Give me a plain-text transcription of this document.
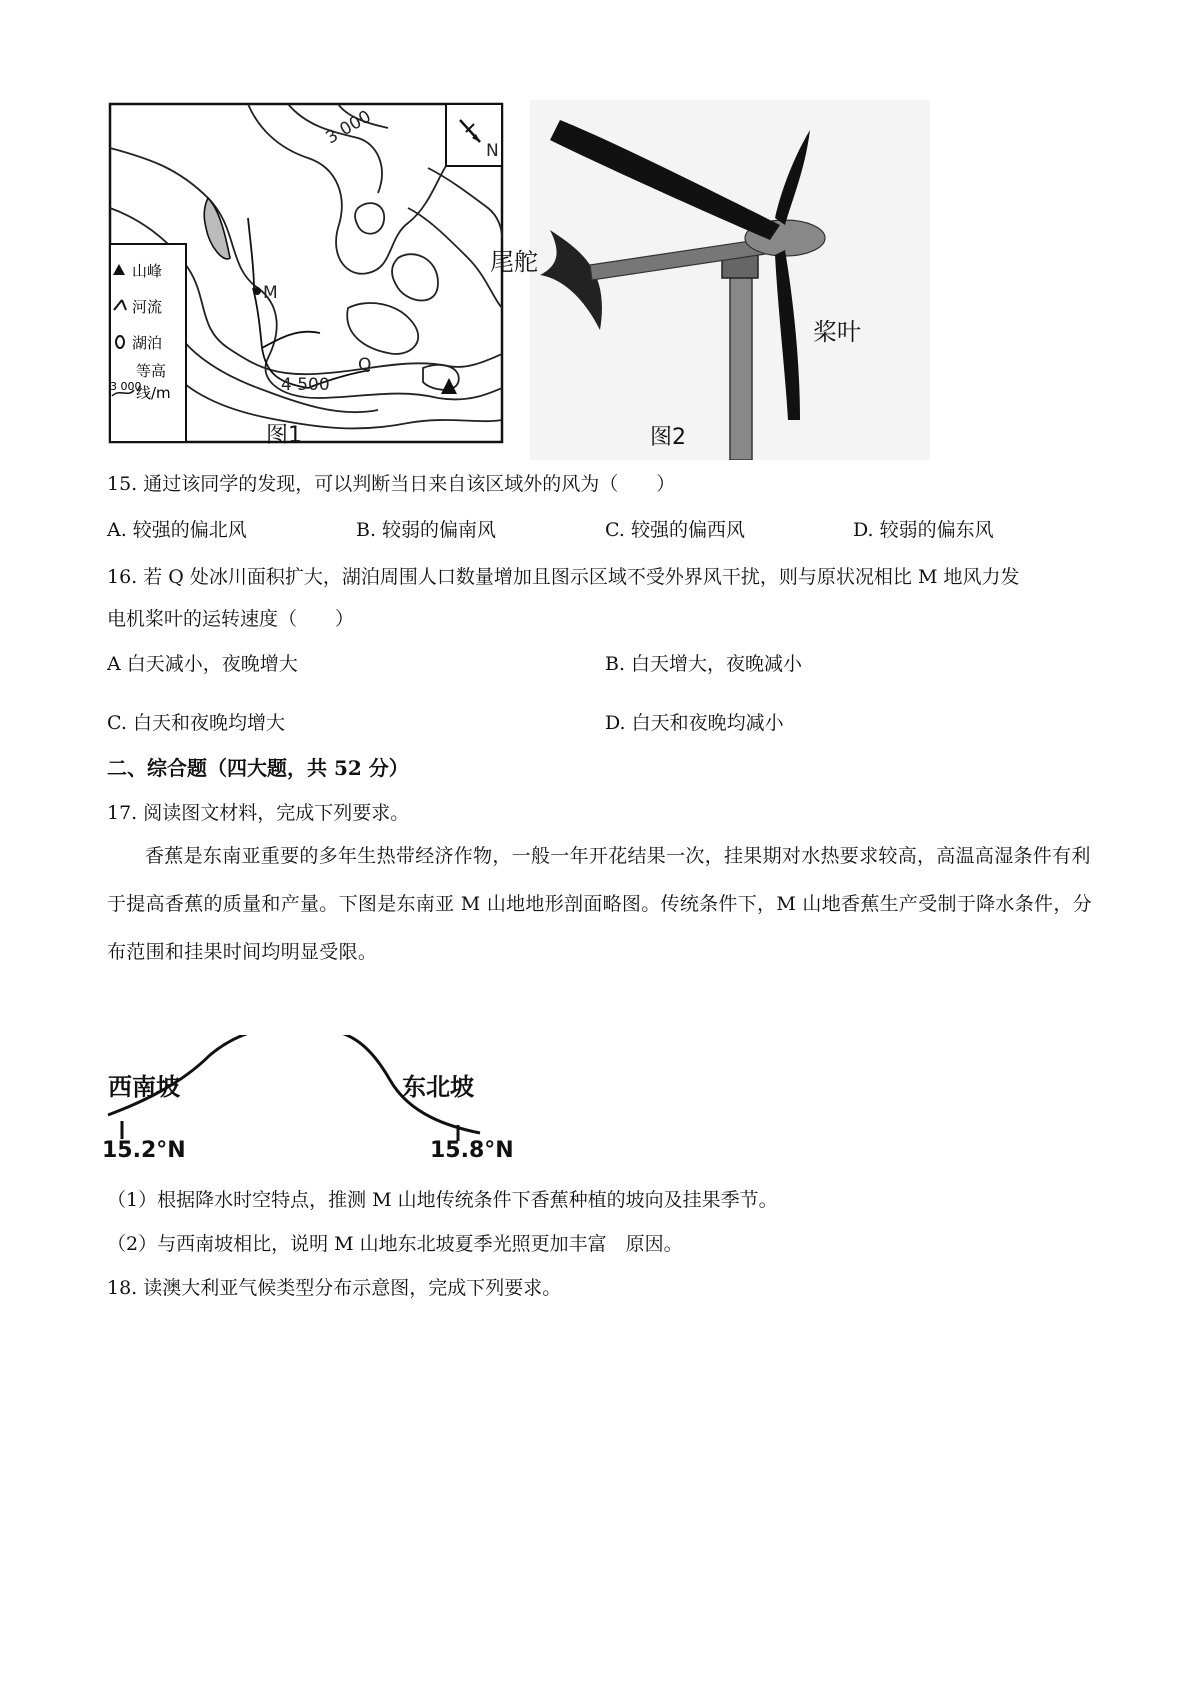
N
M
Q
3 000
4 500
山峰
河流
湖泊
等高
3 000
线/m
图1
尾舵
桨叶
图2
15. 通过该同学的发现，可以判断当日来自该区域外的风为（　　）
A. 较强的偏北风	B. 较弱的偏南风	C. 较强的偏西风	D. 较弱的偏东风
16. 若 Q 处冰川面积扩大，湖泊周围人口数量增加且图示区域不受外界风干扰，则与原状况相比 M 地风力发
电机桨叶的运转速度（　　）
A 白天减小，夜晚增大	B. 白天增大，夜晚减小
C. 白天和夜晚均增大	D. 白天和夜晚均减小
二、综合题（四大题，共 52 分）
17. 阅读图文材料，完成下列要求。
香蕉是东南亚重要的多年生热带经济作物，一般一年开花结果一次，挂果期对水热要求较高，高温高湿条件有利于提高香蕉的质量和产量。下图是东南亚 M 山地地形剖面略图。传统条件下，M 山地香蕉生产受制于降水条件，分布范围和挂果时间均明显受限。
西南坡	东北坡
15.2°N	15.8°N
（1）根据降水时空特点，推测 M 山地传统条件下香蕉种植的坡向及挂果季节。
（2）与西南坡相比，说明 M 山地东北坡夏季光照更加丰富　原因。
18. 读澳大利亚气候类型分布示意图，完成下列要求。
